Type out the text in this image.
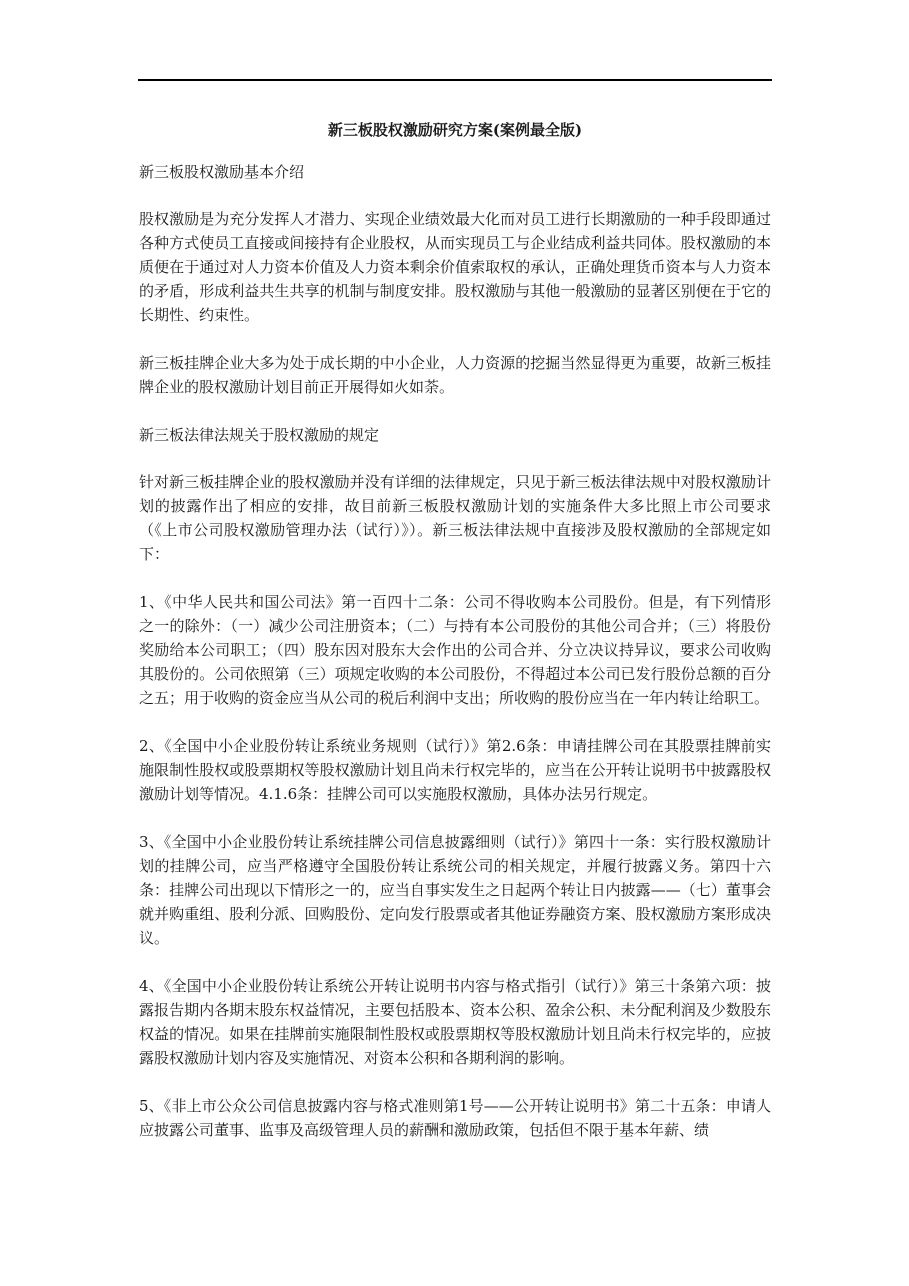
新三板股权激励研究方案(案例最全版)
新三板股权激励基本介绍

股权激励是为充分发挥人才潜力、实现企业绩效最大化而对员工进行长期激励的一种手段即通过各种方式使员工直接或间接持有企业股权，从而实现员工与企业结成利益共同体。股权激励的本质便在于通过对人力资本价值及人力资本剩余价值索取权的承认，正确处理货币资本与人力资本的矛盾，形成利益共生共享的机制与制度安排。股权激励与其他一般激励的显著区别便在于它的长期性、约束性。

新三板挂牌企业大多为处于成长期的中小企业，人力资源的挖掘当然显得更为重要，故新三板挂牌企业的股权激励计划目前正开展得如火如荼。

新三板法律法规关于股权激励的规定

针对新三板挂牌企业的股权激励并没有详细的法律规定，只见于新三板法律法规中对股权激励计划的披露作出了相应的安排，故目前新三板股权激励计划的实施条件大多比照上市公司要求（《上市公司股权激励管理办法（试行）》）。新三板法律法规中直接涉及股权激励的全部规定如下：

1、《中华人民共和国公司法》第一百四十二条：公司不得收购本公司股份。但是，有下列情形之一的除外：（一）减少公司注册资本；（二）与持有本公司股份的其他公司合并；（三）将股份奖励给本公司职工；（四）股东因对股东大会作出的公司合并、分立决议持异议，要求公司收购其股份的。公司依照第（三）项规定收购的本公司股份，不得超过本公司已发行股份总额的百分之五；用于收购的资金应当从公司的税后利润中支出；所收购的股份应当在一年内转让给职工。

2、《全国中小企业股份转让系统业务规则（试行）》第2.6条：申请挂牌公司在其股票挂牌前实施限制性股权或股票期权等股权激励计划且尚未行权完毕的，应当在公开转让说明书中披露股权激励计划等情况。4.1.6条：挂牌公司可以实施股权激励，具体办法另行规定。

3、《全国中小企业股份转让系统挂牌公司信息披露细则（试行）》第四十一条：实行股权激励计划的挂牌公司，应当严格遵守全国股份转让系统公司的相关规定，并履行披露义务。第四十六条：挂牌公司出现以下情形之一的，应当自事实发生之日起两个转让日内披露——（七）董事会就并购重组、股利分派、回购股份、定向发行股票或者其他证券融资方案、股权激励方案形成决议。

4、《全国中小企业股份转让系统公开转让说明书内容与格式指引（试行）》第三十条第六项：披露报告期内各期末股东权益情况，主要包括股本、资本公积、盈余公积、未分配利润及少数股东权益的情况。如果在挂牌前实施限制性股权或股票期权等股权激励计划且尚未行权完毕的，应披露股权激励计划内容及实施情况、对资本公积和各期利润的影响。

5、《非上市公众公司信息披露内容与格式准则第1号——公开转让说明书》第二十五条：申请人应披露公司董事、监事及高级管理人员的薪酬和激励政策，包括但不限于基本年薪、绩
